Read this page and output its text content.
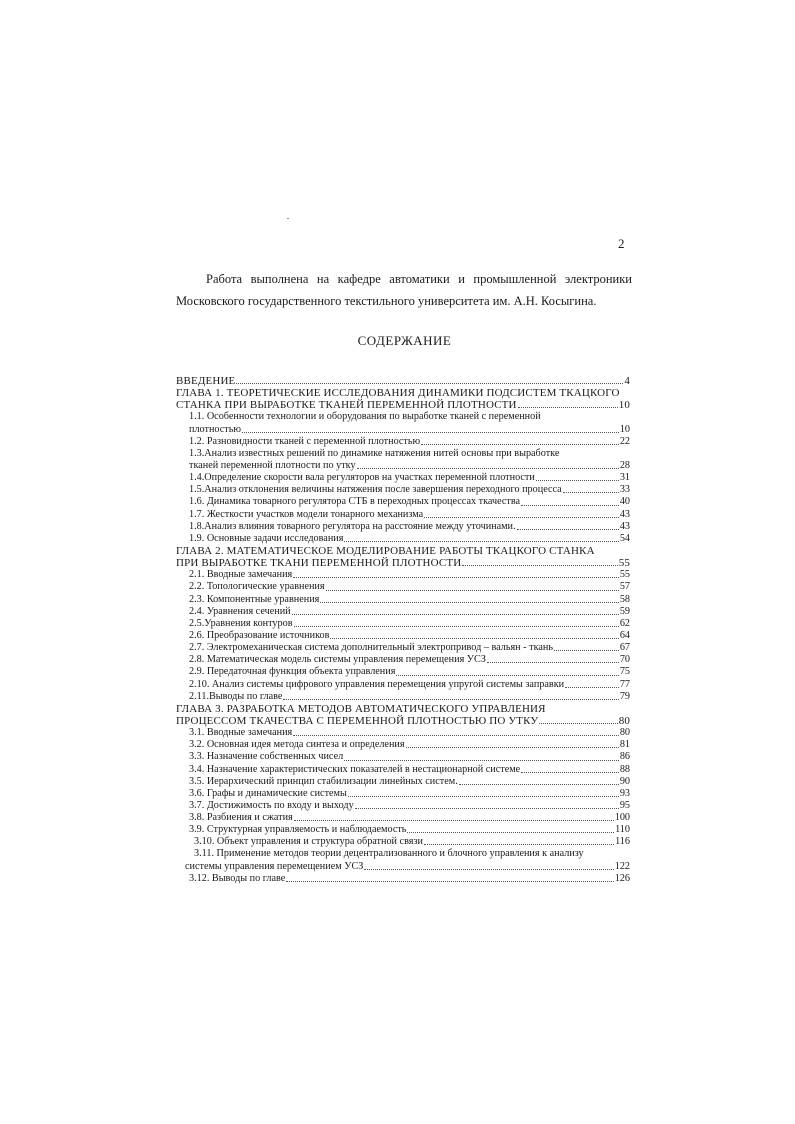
2
Работа выполнена на кафедре автоматики и промышленной электроники
Московского государственного текстильного университета им. А.Н. Косыгина.
СОДЕРЖАНИЕ
ВВЕДЕНИЕ	4
ГЛАВА 1. ТЕОРЕТИЧЕСКИЕ ИССЛЕДОВАНИЯ ДИНАМИКИ ПОДСИСТЕМ ТКАЦКОГО
СТАНКА ПРИ ВЫРАБОТКЕ ТКАНЕЙ ПЕРЕМЕННОЙ ПЛОТНОСТИ	10
1.1. Особенности технологии и оборудования по выработке тканей с переменной
плотностью	10
1.2. Разновидности тканей с переменной плотностью	22
1.3.Анализ известных решений по динамике натяжения нитей основы при выработке
тканей переменной плотности по утку	28
1.4.Определение скорости вала регуляторов на участках переменной плотности	31
1.5.Анализ отклонения величины натяжения после завершения переходного процесса	33
1.6. Динамика товарного регулятора СТБ в переходных процессах ткачества	40
1.7. Жесткости участков модели тонарного механизма	43
1.8.Анализ влияния товарного регулятора на расстояние между уточинами.	43
1.9. Основные задачи исследования	54
ГЛАВА 2. МАТЕМАТИЧЕСКОЕ МОДЕЛИРОВАНИЕ РАБОТЫ ТКАЦКОГО СТАНКА
ПРИ ВЫРАБОТКЕ ТКАНИ ПЕРЕМЕННОЙ ПЛОТНОСТИ	55
2.1. Вводные замечания	55
2.2. Топологические уравнения	57
2.3. Компонентные уравнения	58
2.4. Уравнения сечений	59
2.5.Уравнения контуров	62
2.6. Преобразование источников	64
2.7. Электромеханическая система дополнительный электропривод – вальян - ткань	67
2.8. Математическая модель системы управления перемещения УСЗ	70
2.9. Передаточная функция объекта управления	75
2.10. Анализ системы цифрового управления перемещения упругой системы заправки	77
2.11.Выводы по главе	79
ГЛАВА 3. РАЗРАБОТКА МЕТОДОВ АВТОМАТИЧЕСКОГО УПРАВЛЕНИЯ
ПРОЦЕССОМ ТКАЧЕСТВА С ПЕРЕМЕННОЙ ПЛОТНОСТЬЮ ПО УТКУ	80
3.1. Вводные замечания	80
3.2. Основная идея метода синтеза и определения	81
3.3. Назначение собственных чисел	86
3.4. Назначение характеристических показателей в нестационарной системе	88
3.5. Иерархический принцип стабилизации линейных систем.	90
3.6. Графы и динамические системы	93
3.7. Достижимость по входу и выходу	95
3.8. Разбиения и сжатия	100
3.9. Структурная управляемость и наблюдаемость	110
3.10. Объект управления и структура обратной связи	116
3.11. Применение методов теории децентрализованного и блочного управления к анализу
системы управления перемещением УСЗ	122
3.12. Выводы по главе	126
